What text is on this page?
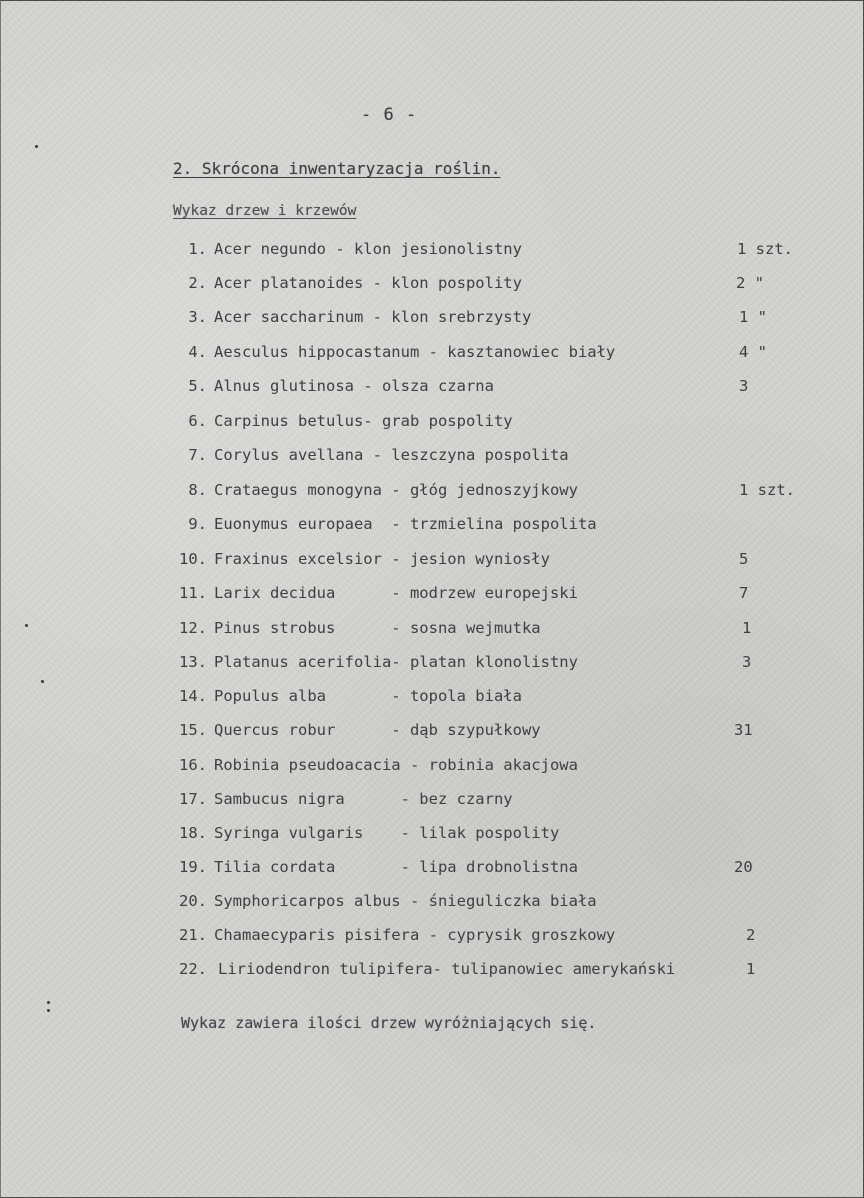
- 6 -
2. Skrócona inwentaryzacja roślin.
Wykaz drzew i krzewów
1. Acer negundo - klon jesionolistny	1 szt.
2. Acer platanoides - klon pospolity	2 "
3. Acer saccharinum - klon srebrzysty	1 "
4. Aesculus hippocastanum - kasztanowiec biały	4 "
5. Alnus glutinosa - olsza czarna	3
6. Carpinus betulus- grab pospolity
7. Corylus avellana - leszczyna pospolita
8. Crataegus monogyna - głóg jednoszyjkowy	1 szt.
9. Euonymus europaea  - trzmielina pospolita
10. Fraxinus excelsior - jesion wyniosły	5
11. Larix decidua      - modrzew europejski	7
12. Pinus strobus      - sosna wejmutka	1
13. Platanus acerifolia- platan klonolistny	3
14. Populus alba       - topola biała
15. Quercus robur      - dąb szypułkowy	31
16. Robinia pseudoacacia - robinia akacjowa
17. Sambucus nigra      - bez czarny
18. Syringa vulgaris    - lilak pospolity
19. Tilia cordata       - lipa drobnolistna	20
20. Symphoricarpos albus - śnieguliczka biała
21. Chamaecyparis pisifera - cyprysik groszkowy	2
22. Liriodendron tulipifera- tulipanowiec amerykański	1
Wykaz zawiera ilości drzew wyróżniających się.
